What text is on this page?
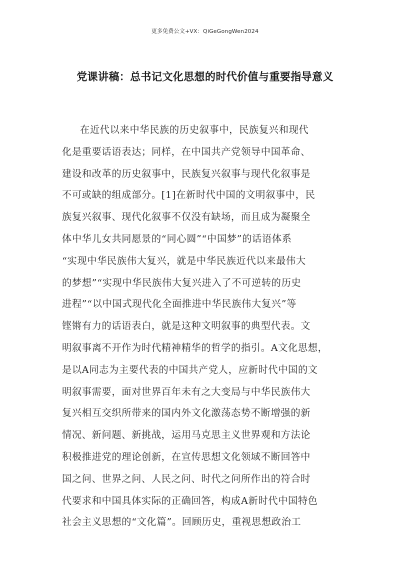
更多免费公文+VX：QiGeGongWen2024
党课讲稿：总书记文化思想的时代价值与重要指导意义
在近代以来中华民族的历史叙事中，民族复兴和现代
化是重要话语表达；同样，在中国共产党领导中国革命、
建设和改革的历史叙事中，民族复兴叙事与现代化叙事是
不可或缺的组成部分。[1]在新时代中国的文明叙事中，民
族复兴叙事、现代化叙事不仅没有缺场，而且成为凝聚全
体中华儿女共同愿景的“同心圆”“中国梦”的话语体系
“实现中华民族伟大复兴，就是中华民族近代以来最伟大
的梦想”“实现中华民族伟大复兴进入了不可逆转的历史
进程”“以中国式现代化全面推进中华民族伟大复兴”等
铿锵有力的话语表白，就是这种文明叙事的典型代表。文
明叙事离不开作为时代精神精华的哲学的指引。A文化思想，
是以A同志为主要代表的中国共产党人，应新时代中国的文
明叙事需要，面对世界百年未有之大变局与中华民族伟大
复兴相互交织所带来的国内外文化激荡态势不断增强的新
情况、新问题、新挑战，运用马克思主义世界观和方法论
积极推进党的理论创新，在宣传思想文化领域不断回答中
国之问、世界之问、人民之问、时代之问所作出的符合时
代要求和中国具体实际的正确回答，构成A新时代中国特色
社会主义思想的“文化篇”。回顾历史，重视思想政治工
